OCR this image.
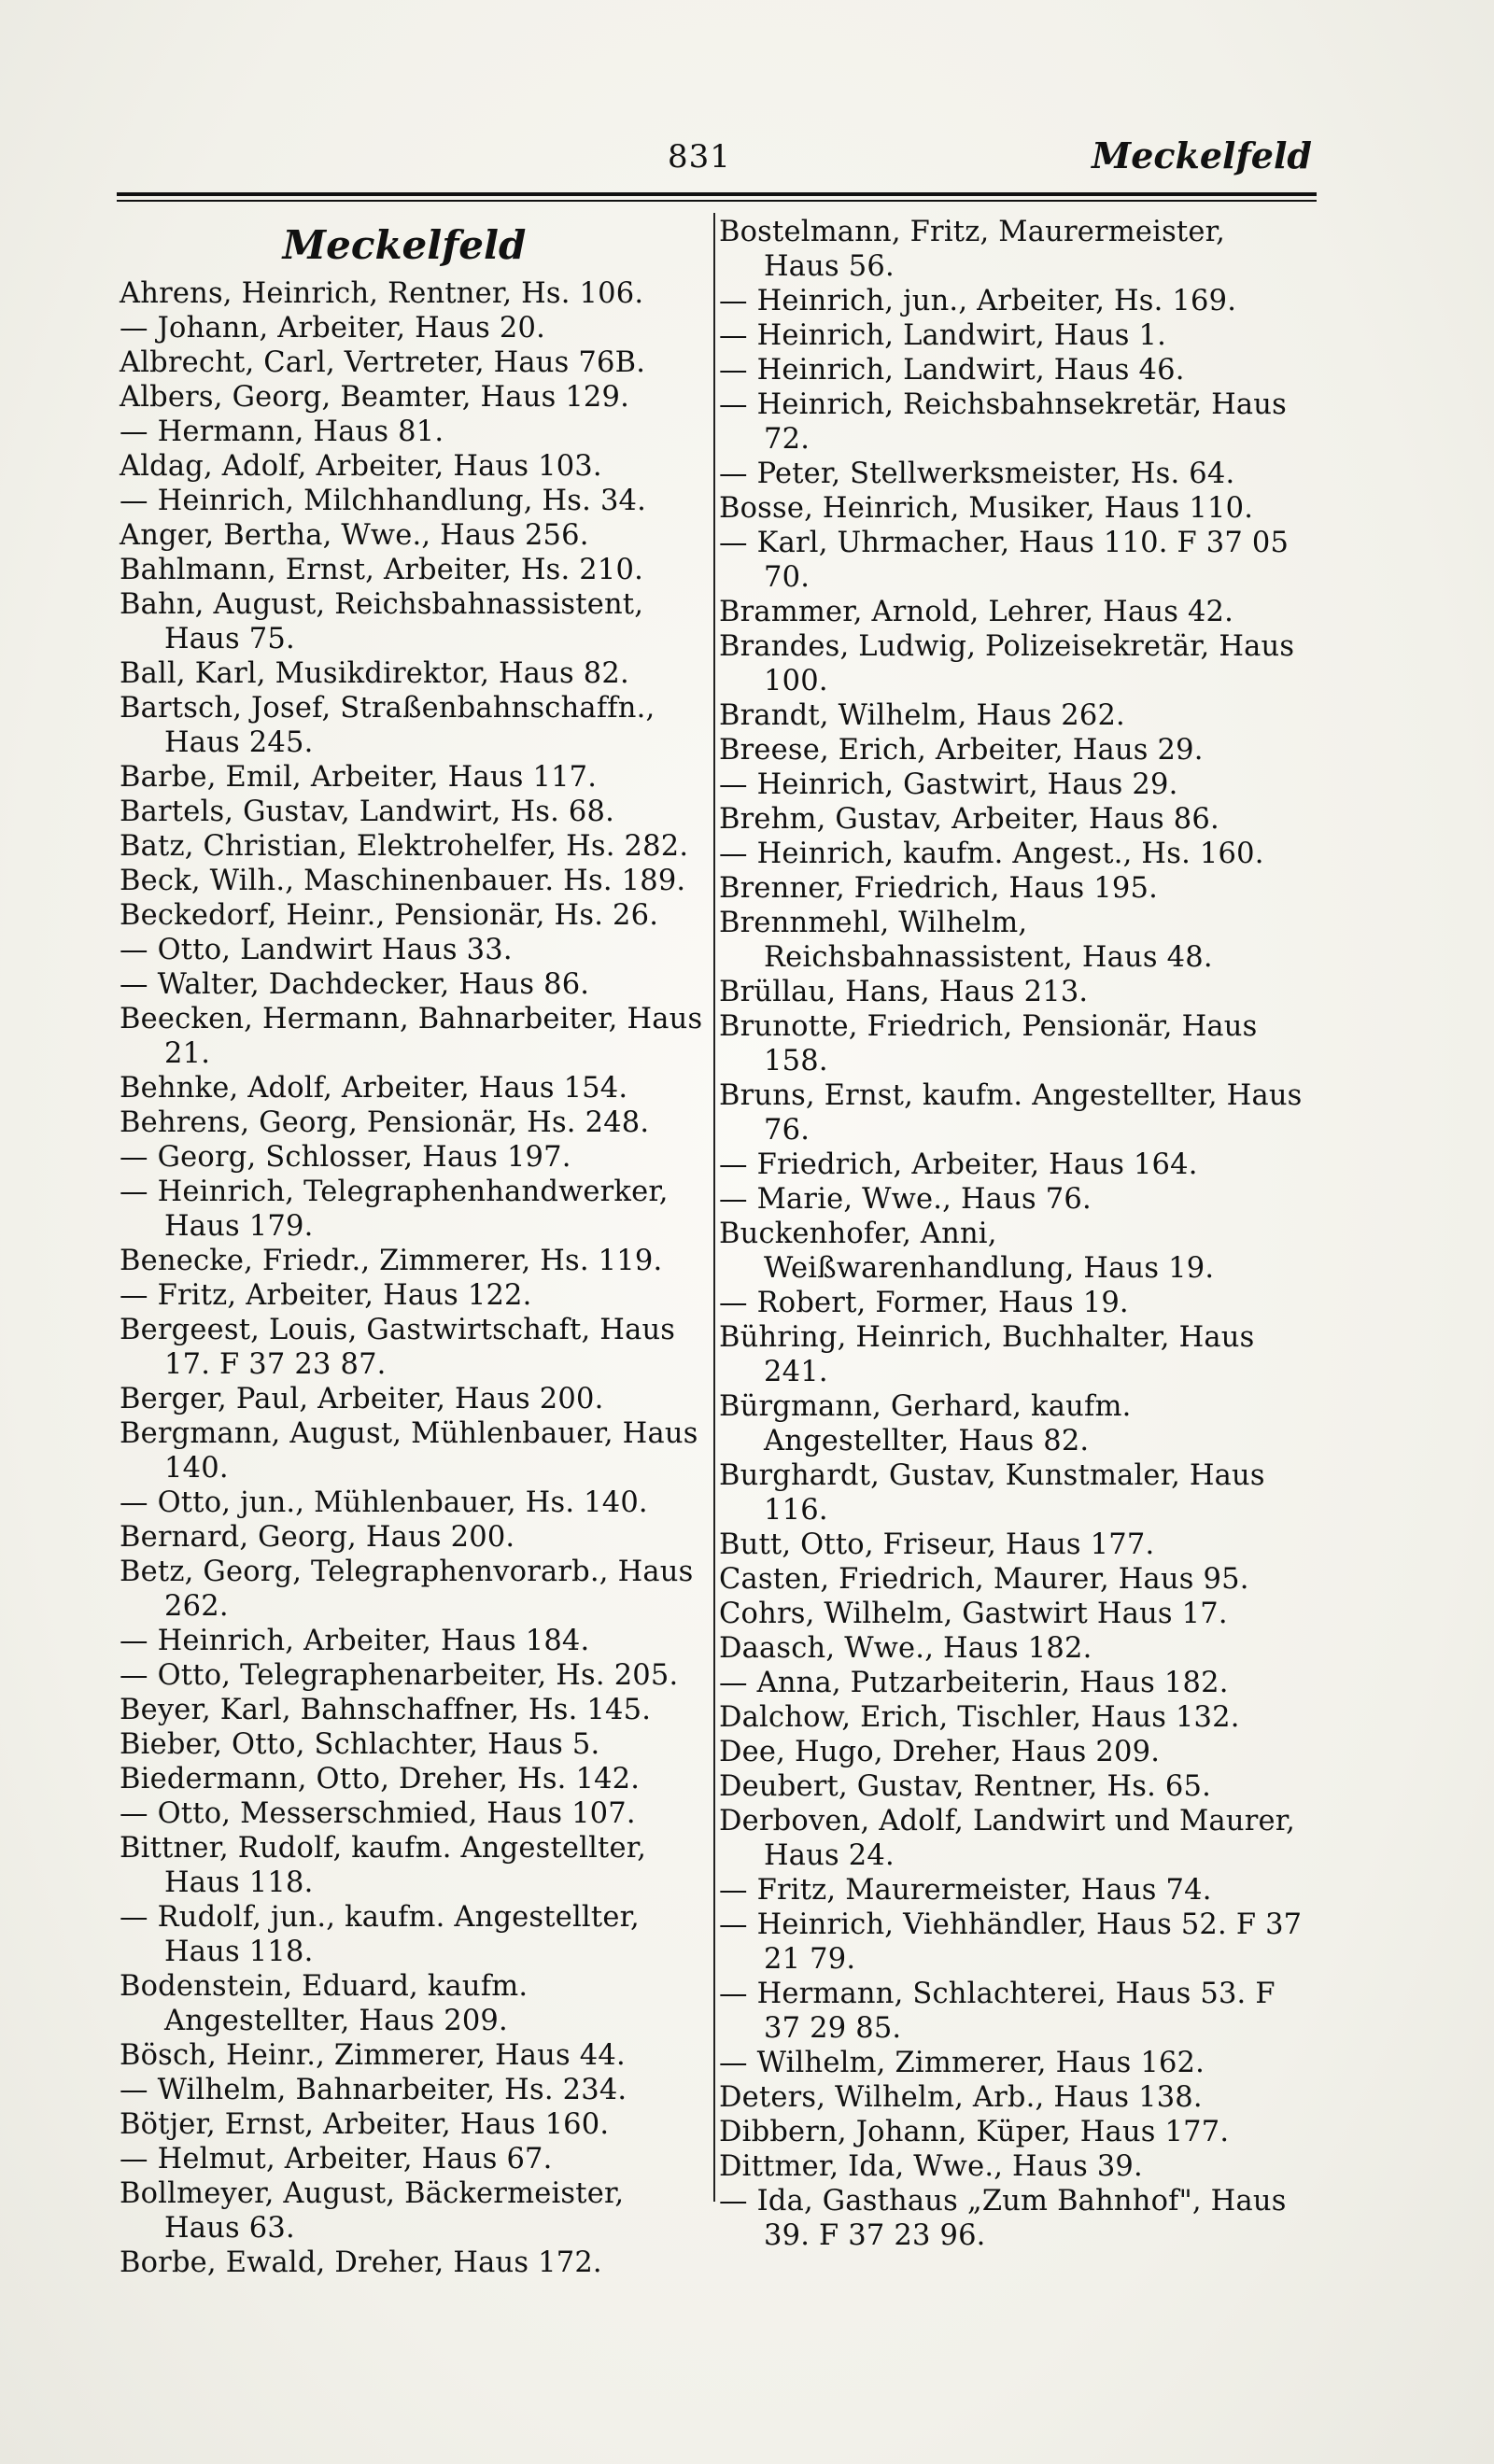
831	Meckelfeld
Meckelfeld
Ahrens, Heinrich, Rentner, Hs. 106.
— Johann, Arbeiter, Haus 20.
Albrecht, Carl, Vertreter, Haus 76B.
Albers, Georg, Beamter, Haus 129.
— Hermann, Haus 81.
Aldag, Adolf, Arbeiter, Haus 103.
— Heinrich, Milchhandlung, Hs. 34.
Anger, Bertha, Wwe., Haus 256.
Bahlmann, Ernst, Arbeiter, Hs. 210.
Bahn, August, Reichsbahnassistent, Haus 75.
Ball, Karl, Musikdirektor, Haus 82.
Bartsch, Josef, Straßenbahnschaffn., Haus 245.
Barbe, Emil, Arbeiter, Haus 117.
Bartels, Gustav, Landwirt, Hs. 68.
Batz, Christian, Elektrohelfer, Hs. 282.
Beck, Wilh., Maschinenbauer. Hs. 189.
Beckedorf, Heinr., Pensionär, Hs. 26.
— Otto, Landwirt Haus 33.
— Walter, Dachdecker, Haus 86.
Beecken, Hermann, Bahnarbeiter, Haus 21.
Behnke, Adolf, Arbeiter, Haus 154.
Behrens, Georg, Pensionär, Hs. 248.
— Georg, Schlosser, Haus 197.
— Heinrich, Telegraphenhandwerker, Haus 179.
Benecke, Friedr., Zimmerer, Hs. 119.
— Fritz, Arbeiter, Haus 122.
Bergeest, Louis, Gastwirtschaft, Haus 17. F 37 23 87.
Berger, Paul, Arbeiter, Haus 200.
Bergmann, August, Mühlenbauer, Haus 140.
— Otto, jun., Mühlenbauer, Hs. 140.
Bernard, Georg, Haus 200.
Betz, Georg, Telegraphenvorarb., Haus 262.
— Heinrich, Arbeiter, Haus 184.
— Otto, Telegraphenarbeiter, Hs. 205.
Beyer, Karl, Bahnschaffner, Hs. 145.
Bieber, Otto, Schlachter, Haus 5.
Biedermann, Otto, Dreher, Hs. 142.
— Otto, Messerschmied, Haus 107.
Bittner, Rudolf, kaufm. Angestellter, Haus 118.
— Rudolf, jun., kaufm. Angestellter, Haus 118.
Bodenstein, Eduard, kaufm. Angestellter, Haus 209.
Bösch, Heinr., Zimmerer, Haus 44.
— Wilhelm, Bahnarbeiter, Hs. 234.
Bötjer, Ernst, Arbeiter, Haus 160.
— Helmut, Arbeiter, Haus 67.
Bollmeyer, August, Bäckermeister, Haus 63.
Borbe, Ewald, Dreher, Haus 172.
Bostelmann, Fritz, Maurermeister, Haus 56.
— Heinrich, jun., Arbeiter, Hs. 169.
— Heinrich, Landwirt, Haus 1.
— Heinrich, Landwirt, Haus 46.
— Heinrich, Reichsbahnsekretär, Haus 72.
— Peter, Stellwerksmeister, Hs. 64.
Bosse, Heinrich, Musiker, Haus 110.
— Karl, Uhrmacher, Haus 110. F 37 05 70.
Brammer, Arnold, Lehrer, Haus 42.
Brandes, Ludwig, Polizeisekretär, Haus 100.
Brandt, Wilhelm, Haus 262.
Breese, Erich, Arbeiter, Haus 29.
— Heinrich, Gastwirt, Haus 29.
Brehm, Gustav, Arbeiter, Haus 86.
— Heinrich, kaufm. Angest., Hs. 160.
Brenner, Friedrich, Haus 195.
Brennmehl, Wilhelm, Reichsbahnassistent, Haus 48.
Brüllau, Hans, Haus 213.
Brunotte, Friedrich, Pensionär, Haus 158.
Bruns, Ernst, kaufm. Angestellter, Haus 76.
— Friedrich, Arbeiter, Haus 164.
— Marie, Wwe., Haus 76.
Buckenhofer, Anni, Weißwarenhandlung, Haus 19.
— Robert, Former, Haus 19.
Bühring, Heinrich, Buchhalter, Haus 241.
Bürgmann, Gerhard, kaufm. Angestellter, Haus 82.
Burghardt, Gustav, Kunstmaler, Haus 116.
Butt, Otto, Friseur, Haus 177.
Casten, Friedrich, Maurer, Haus 95.
Cohrs, Wilhelm, Gastwirt Haus 17.
Daasch, Wwe., Haus 182.
— Anna, Putzarbeiterin, Haus 182.
Dalchow, Erich, Tischler, Haus 132.
Dee, Hugo, Dreher, Haus 209.
Deubert, Gustav, Rentner, Hs. 65.
Derboven, Adolf, Landwirt und Maurer, Haus 24.
— Fritz, Maurermeister, Haus 74.
— Heinrich, Viehhändler, Haus 52. F 37 21 79.
— Hermann, Schlachterei, Haus 53. F 37 29 85.
— Wilhelm, Zimmerer, Haus 162.
Deters, Wilhelm, Arb., Haus 138.
Dibbern, Johann, Küper, Haus 177.
Dittmer, Ida, Wwe., Haus 39.
— Ida, Gasthaus „Zum Bahnhof", Haus 39. F 37 23 96.
